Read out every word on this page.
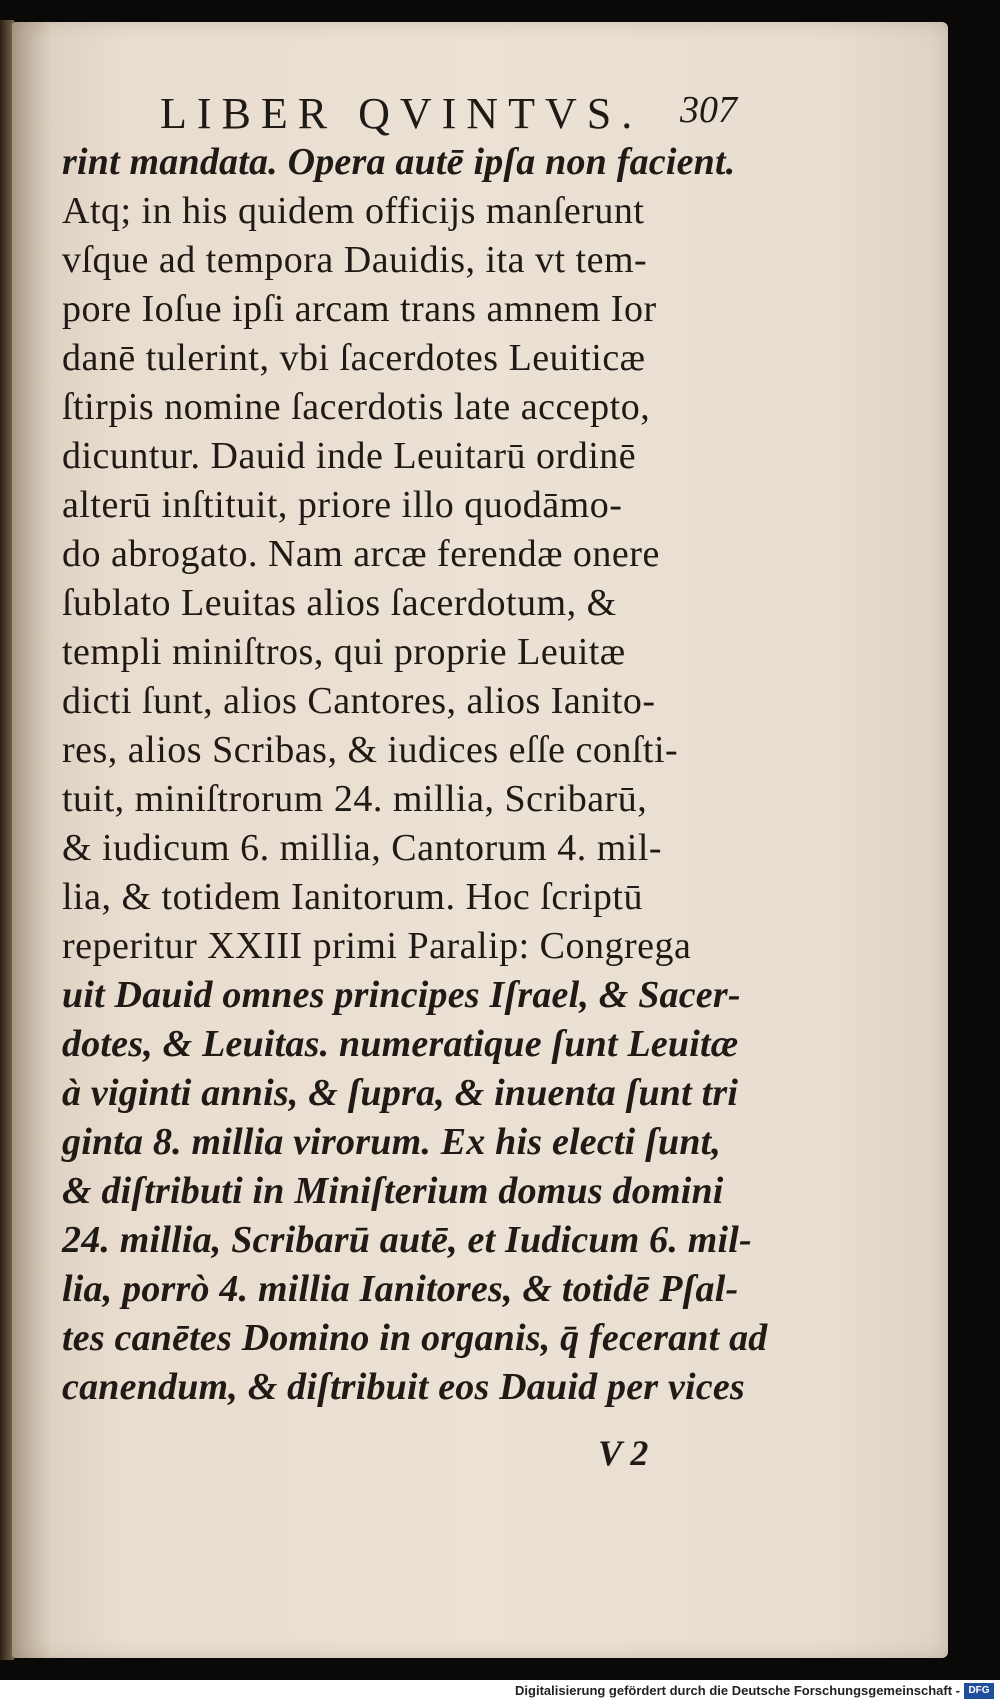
LIBER QVINTVS. 307
rint mandata. Opera autē ipſa non facient.
Atq; in his quidem officijs manſerunt
vſque ad tempora Dauidis, ita vt tem-
pore Ioſue ipſi arcam trans amnem Ior
danē tulerint, vbi ſacerdotes Leuiticæ
ſtirpis nomine ſacerdotis late accepto,
dicuntur. Dauid inde Leuitarū ordinē
alterū inſtituit, priore illo quodāmo-
do abrogato. Nam arcæ ferendæ onere
ſublato Leuitas alios ſacerdotum, &
templi miniſtros, qui proprie Leuitæ
dicti ſunt, alios Cantores, alios Ianito-
res, alios Scribas, & iudices eſſe conſti-
tuit, miniſtrorum 24. millia, Scribarū,
& iudicum 6. millia, Cantorum 4. mil-
lia, & totidem Ianitorum. Hoc ſcriptū
reperitur XXIII primi Paralip: Congrega
uit Dauid omnes principes Iſrael, & Sacer-
dotes, & Leuitas. numeratique ſunt Leuitæ
à viginti annis, & ſupra, & inuenta ſunt tri
ginta 8. millia virorum. Ex his electi ſunt,
& diſtributi in Miniſterium domus domini
24. millia, Scribarū autē, et Iudicum 6. mil-
lia, porrò 4. millia Ianitores, & totidē Pſal-
tes canētes Domino in organis, q̄ fecerant ad
canendum, & diſtribuit eos Dauid per vices
V 2
Digitalisierung gefördert durch die Deutsche Forschungsgemeinschaft - DFG
